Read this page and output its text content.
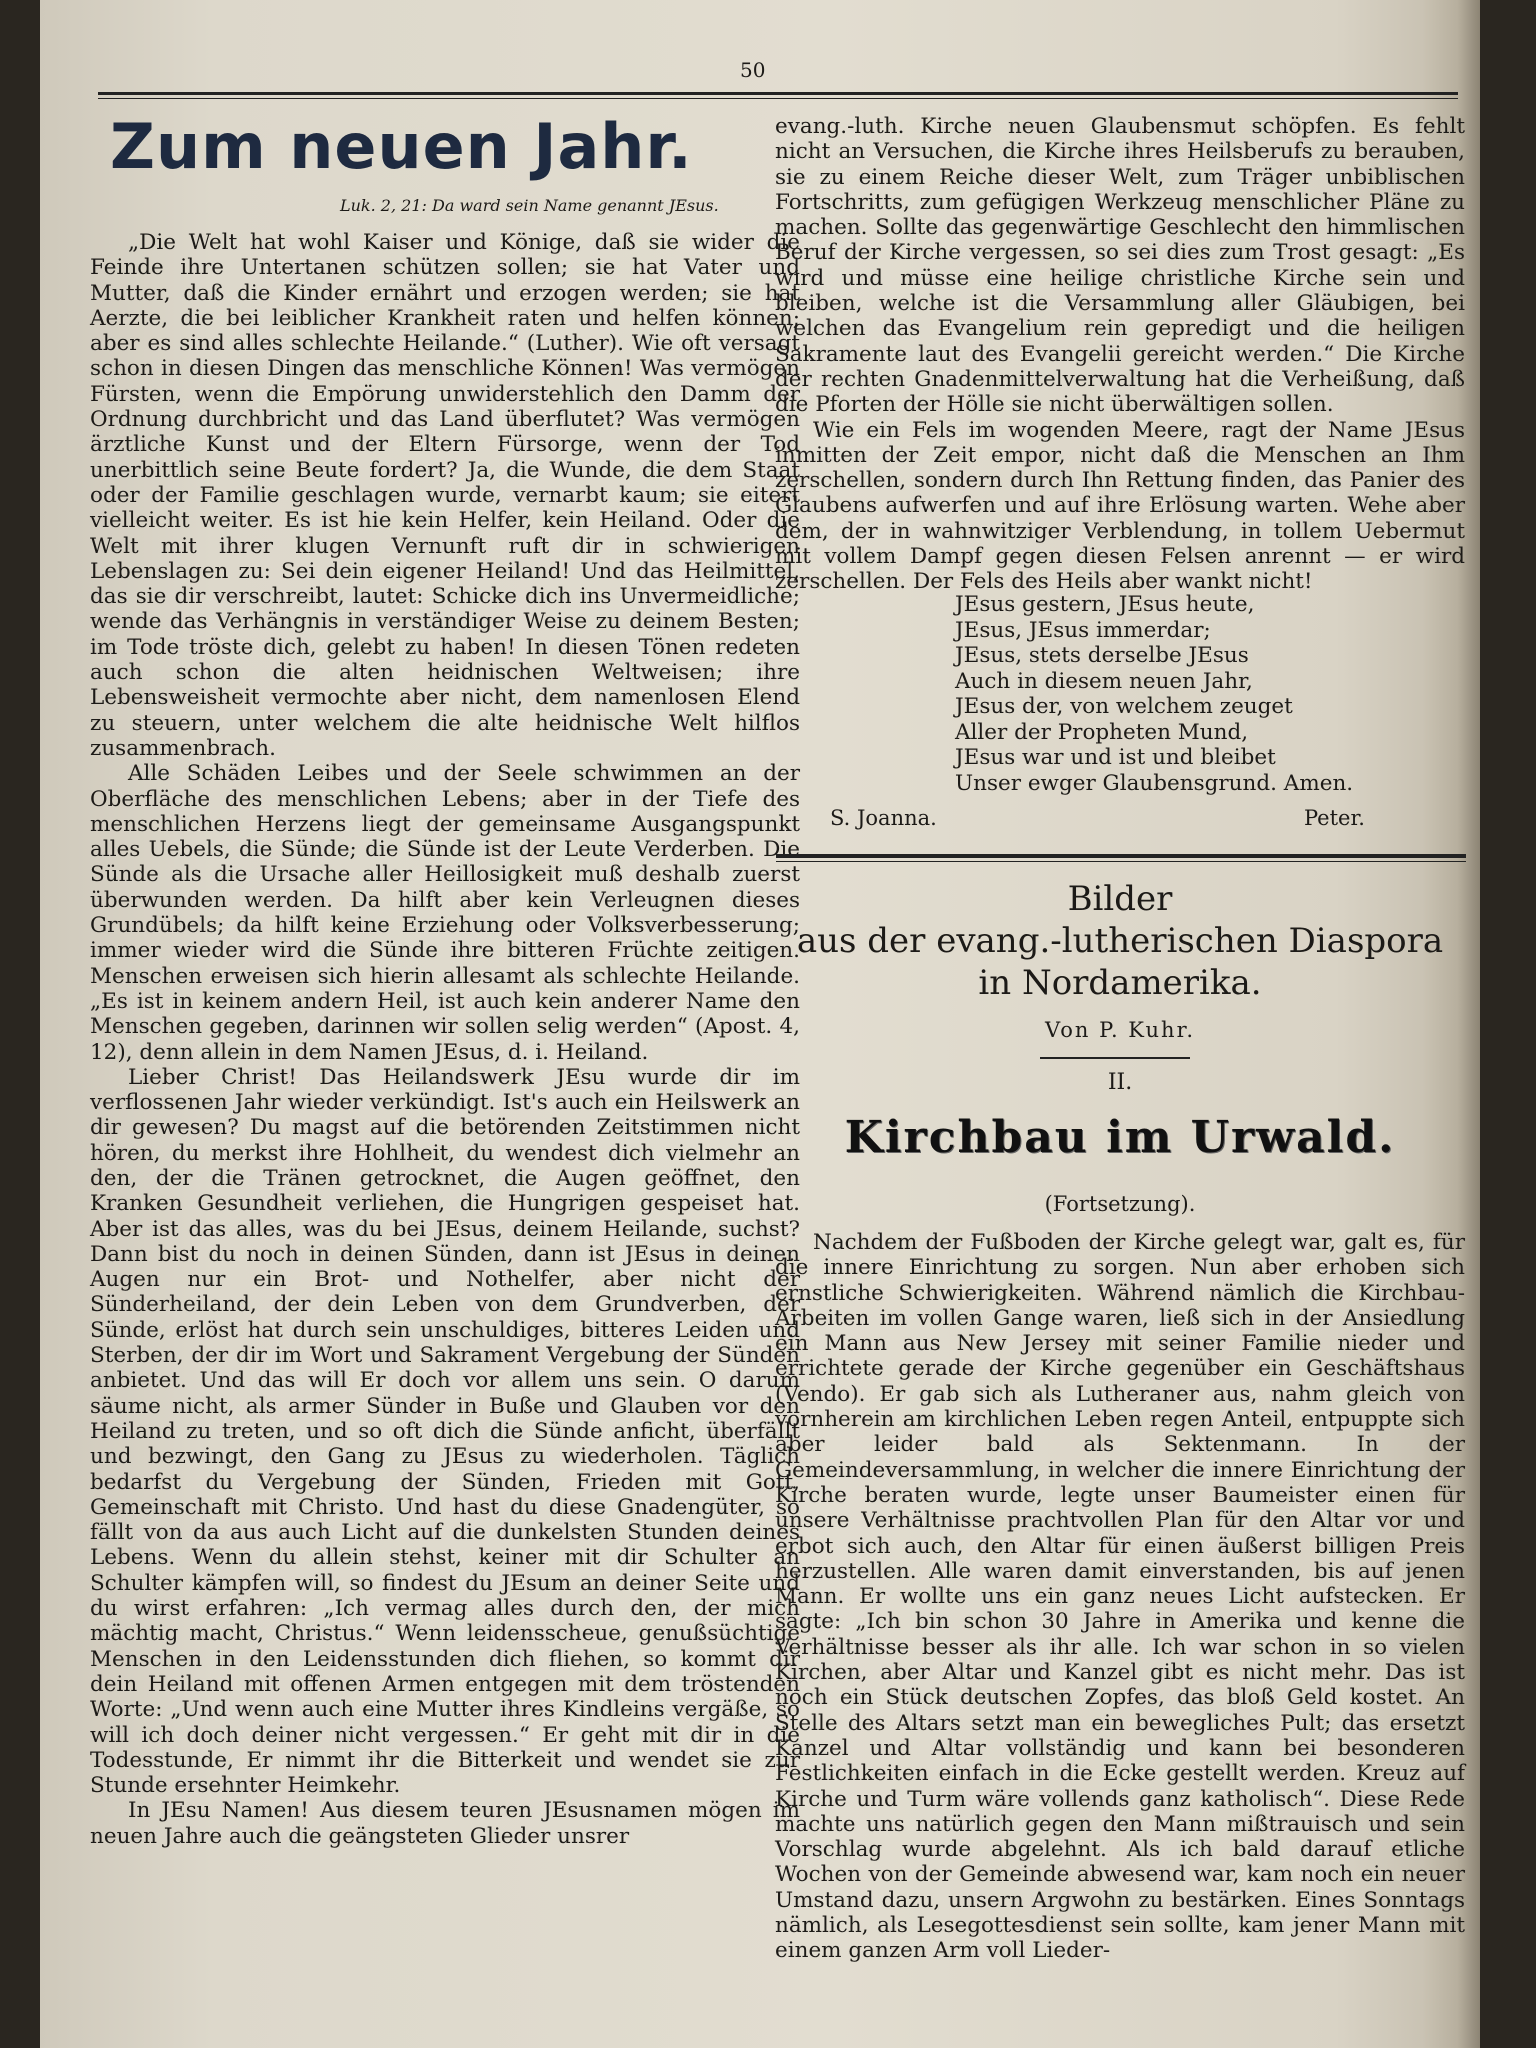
50
Zum neuen Jahr.
Luk. 2, 21: Da ward sein Name genannt JEsus.

„Die Welt hat wohl Kaiser und Könige, daß sie wider die Feinde ihre Untertanen schützen sollen; sie hat Vater und Mutter, daß die Kinder ernährt und erzogen werden; sie hat Aerzte, die bei leiblicher Krankheit raten und helfen können; aber es sind alles schlechte Heilande.“ (Luther). Wie oft versagt schon in diesen Dingen das menschliche Können! Was vermögen Fürsten, wenn die Empörung unwiderstehlich den Damm der Ordnung durchbricht und das Land überflutet? Was vermögen ärztliche Kunst und der Eltern Fürsorge, wenn der Tod unerbittlich seine Beute fordert? Ja, die Wunde, die dem Staat oder der Familie geschlagen wurde, vernarbt kaum; sie eitert vielleicht weiter. Es ist hie kein Helfer, kein Heiland. Oder die Welt mit ihrer klugen Vernunft ruft dir in schwierigen Lebenslagen zu: Sei dein eigener Heiland! Und das Heilmittel, das sie dir verschreibt, lautet: Schicke dich ins Unvermeidliche; wende das Verhängnis in verständiger Weise zu deinem Besten; im Tode tröste dich, gelebt zu haben! In diesen Tönen redeten auch schon die alten heidnischen Weltweisen; ihre Lebensweisheit vermochte aber nicht, dem namenlosen Elend zu steuern, unter welchem die alte heidnische Welt hilflos zusammenbrach.

Alle Schäden Leibes und der Seele schwimmen an der Oberfläche des menschlichen Lebens; aber in der Tiefe des menschlichen Herzens liegt der gemeinsame Ausgangspunkt alles Uebels, die Sünde; die Sünde ist der Leute Verderben. Die Sünde als die Ursache aller Heillosigkeit muß deshalb zuerst überwunden werden. Da hilft aber kein Verleugnen dieses Grundübels; da hilft keine Erziehung oder Volksverbesserung; immer wieder wird die Sünde ihre bitteren Früchte zeitigen. Menschen erweisen sich hierin allesamt als schlechte Heilande. „Es ist in keinem andern Heil, ist auch kein anderer Name den Menschen gegeben, darinnen wir sollen selig werden“ (Apost. 4, 12), denn allein in dem Namen JEsus, d. i. Heiland.

Lieber Christ! Das Heilandswerk JEsu wurde dir im verflossenen Jahr wieder verkündigt. Ist's auch ein Heilswerk an dir gewesen? Du magst auf die betörenden Zeitstimmen nicht hören, du merkst ihre Hohlheit, du wendest dich vielmehr an den, der die Tränen getrocknet, die Augen geöffnet, den Kranken Gesundheit verliehen, die Hungrigen gespeiset hat. Aber ist das alles, was du bei JEsus, deinem Heilande, suchst? Dann bist du noch in deinen Sünden, dann ist JEsus in deinen Augen nur ein Brot- und Nothelfer, aber nicht der Sünderheiland, der dein Leben von dem Grundverben, der Sünde, erlöst hat durch sein unschuldiges, bitteres Leiden und Sterben, der dir im Wort und Sakrament Vergebung der Sünden anbietet. Und das will Er doch vor allem uns sein. O darum säume nicht, als armer Sünder in Buße und Glauben vor den Heiland zu treten, und so oft dich die Sünde anficht, überfällt und bezwingt, den Gang zu JEsus zu wiederholen. Täglich bedarfst du Vergebung der Sünden, Frieden mit Gott, Gemeinschaft mit Christo. Und hast du diese Gnadengüter, so fällt von da aus auch Licht auf die dunkelsten Stunden deines Lebens. Wenn du allein stehst, keiner mit dir Schulter an Schulter kämpfen will, so findest du JEsum an deiner Seite und du wirst erfahren: „Ich vermag alles durch den, der mich mächtig macht, Christus.“ Wenn leidensscheue, genußsüchtige Menschen in den Leidensstunden dich fliehen, so kommt dir dein Heiland mit offenen Armen entgegen mit dem tröstenden Worte: „Und wenn auch eine Mutter ihres Kindleins vergäße, so will ich doch deiner nicht vergessen.“ Er geht mit dir in die Todesstunde, Er nimmt ihr die Bitterkeit und wendet sie zur Stunde ersehnter Heimkehr.

In JEsu Namen! Aus diesem teuren JEsusnamen mögen im neuen Jahre auch die geängsteten Glieder unsrer

evang.-luth. Kirche neuen Glaubensmut schöpfen. Es fehlt nicht an Versuchen, die Kirche ihres Heilsberufs zu berauben, sie zu einem Reiche dieser Welt, zum Träger unbiblischen Fortschritts, zum gefügigen Werkzeug menschlicher Pläne zu machen. Sollte das gegenwärtige Geschlecht den himmlischen Beruf der Kirche vergessen, so sei dies zum Trost gesagt: „Es wird und müsse eine heilige christliche Kirche sein und bleiben, welche ist die Versammlung aller Gläubigen, bei welchen das Evangelium rein gepredigt und die heiligen Sakramente laut des Evangelii gereicht werden.“ Die Kirche der rechten Gnadenmittelverwaltung hat die Verheißung, daß die Pforten der Hölle sie nicht überwältigen sollen.

Wie ein Fels im wogenden Meere, ragt der Name JEsus inmitten der Zeit empor, nicht daß die Menschen an Ihm zerschellen, sondern durch Ihn Rettung finden, das Panier des Glaubens aufwerfen und auf ihre Erlösung warten. Wehe aber dem, der in wahnwitziger Verblendung, in tollem Uebermut mit vollem Dampf gegen diesen Felsen anrennt — er wird zerschellen. Der Fels des Heils aber wankt nicht!

JEsus gestern, JEsus heute,
JEsus, JEsus immerdar;
JEsus, stets derselbe JEsus
Auch in diesem neuen Jahr,
JEsus der, von welchem zeuget
Aller der Propheten Mund,
JEsus war und ist und bleibet
Unser ewger Glaubensgrund. Amen.
S. Joanna.	Peter.
Bilder
aus der evang.-lutherischen Diaspora
in Nordamerika.
Von P. Kuhr.
II.
Kirchbau im Urwald.
(Fortsetzung).

Nachdem der Fußboden der Kirche gelegt war, galt es, für die innere Einrichtung zu sorgen. Nun aber erhoben sich ernstliche Schwierigkeiten. Während nämlich die Kirchbau-Arbeiten im vollen Gange waren, ließ sich in der Ansiedlung ein Mann aus New Jersey mit seiner Familie nieder und errichtete gerade der Kirche gegenüber ein Geschäftshaus (Vendo). Er gab sich als Lutheraner aus, nahm gleich von vornherein am kirchlichen Leben regen Anteil, entpuppte sich aber leider bald als Sektenmann. In der Gemeindeversammlung, in welcher die innere Einrichtung der Kirche beraten wurde, legte unser Baumeister einen für unsere Verhältnisse prachtvollen Plan für den Altar vor und erbot sich auch, den Altar für einen äußerst billigen Preis herzustellen. Alle waren damit einverstanden, bis auf jenen Mann. Er wollte uns ein ganz neues Licht aufstecken. Er sagte: „Ich bin schon 30 Jahre in Amerika und kenne die Verhältnisse besser als ihr alle. Ich war schon in so vielen Kirchen, aber Altar und Kanzel gibt es nicht mehr. Das ist noch ein Stück deutschen Zopfes, das bloß Geld kostet. An Stelle des Altars setzt man ein bewegliches Pult; das ersetzt Kanzel und Altar vollständig und kann bei besonderen Festlichkeiten einfach in die Ecke gestellt werden. Kreuz auf Kirche und Turm wäre vollends ganz katholisch“. Diese Rede machte uns natürlich gegen den Mann mißtrauisch und sein Vorschlag wurde abgelehnt. Als ich bald darauf etliche Wochen von der Gemeinde abwesend war, kam noch ein neuer Umstand dazu, unsern Argwohn zu bestärken. Eines Sonntags nämlich, als Lesegottesdienst sein sollte, kam jener Mann mit einem ganzen Arm voll Lieder-
